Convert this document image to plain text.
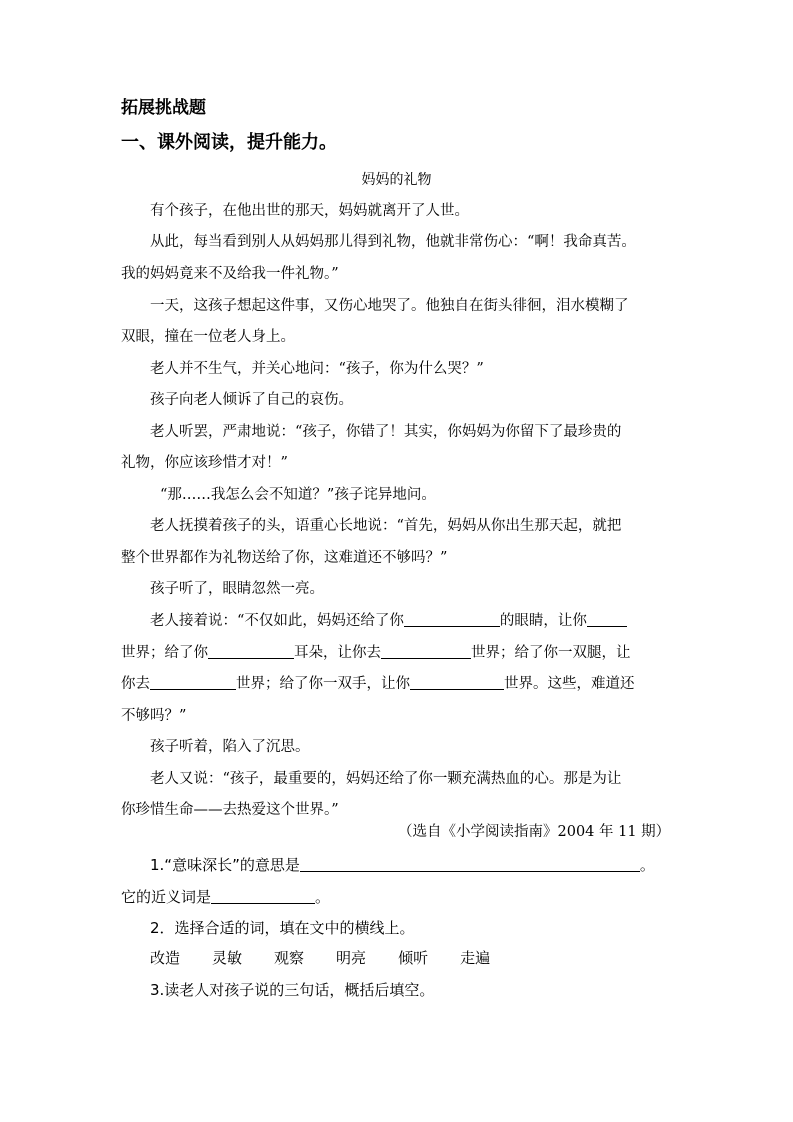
拓展挑战题
一、课外阅读，提升能力。
妈妈的礼物
有个孩子，在他出世的那天，妈妈就离开了人世。
从此，每当看到别人从妈妈那儿得到礼物，他就非常伤心：“啊！我命真苦。
我的妈妈竟来不及给我一件礼物。”
一天，这孩子想起这件事，又伤心地哭了。他独自在街头徘徊，泪水模糊了
双眼，撞在一位老人身上。
老人并不生气，并关心地问：“孩子，你为什么哭？”
孩子向老人倾诉了自己的哀伤。
老人听罢，严肃地说：“孩子，你错了！其实，你妈妈为你留下了最珍贵的
礼物，你应该珍惜才对！”
“那……我怎么会不知道？”孩子诧异地问。
老人抚摸着孩子的头，语重心长地说：“首先，妈妈从你出生那天起，就把
整个世界都作为礼物送给了你，这难道还不够吗？”
孩子听了，眼睛忽然一亮。
老人接着说：“不仅如此，妈妈还给了你	的眼睛，让你
世界；给了你	耳朵，让你去	世界；给了你一双腿，让
你去	世界；给了你一双手，让你	世界。这些，难道还
不够吗？”
孩子听着，陷入了沉思。
老人又说：“孩子，最重要的，妈妈还给了你一颗充满热血的心。那是为让
你珍惜生命——去热爱这个世界。”
（选自《小学阅读指南》2004 年 11 期）
1.“意味深长”的意思是	。
它的近义词是	。
2．选择合适的词，填在文中的横线上。
改造 灵敏 观察 明亮 倾听 走遍
3.读老人对孩子说的三句话，概括后填空。
